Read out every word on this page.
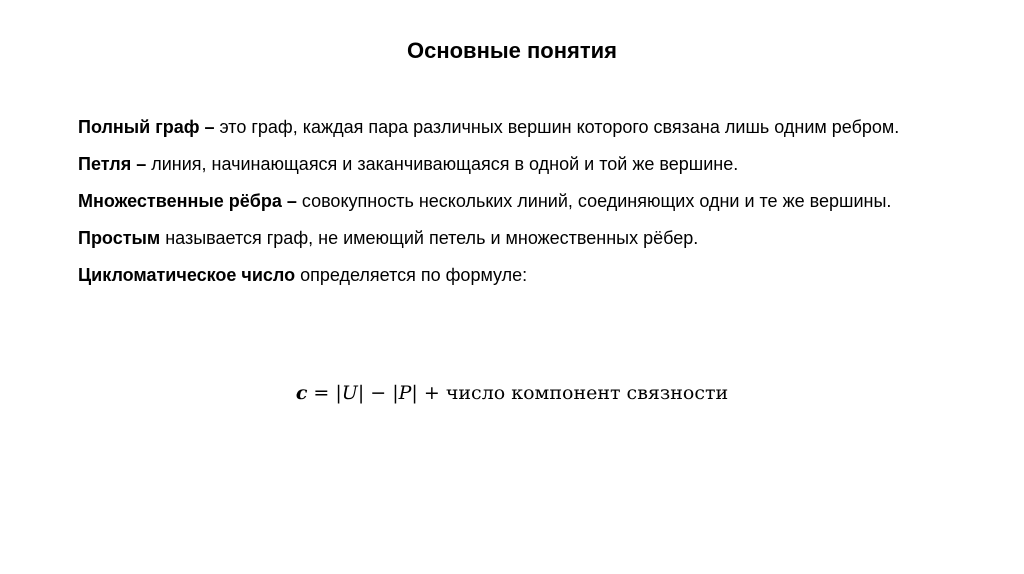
Основные понятия

Полный граф – это граф, каждая пара различных вершин которого связана лишь одним ребром.

Петля – линия, начинающаяся и заканчивающаяся в одной и той же вершине.

Множественные рёбра – совокупность нескольких линий, соединяющих одни и те же вершины.

Простым называется граф, не имеющий петель и множественных рёбер.

Цикломатическое число определяется по формуле:

c = |U| − |P| + число компонент связности
